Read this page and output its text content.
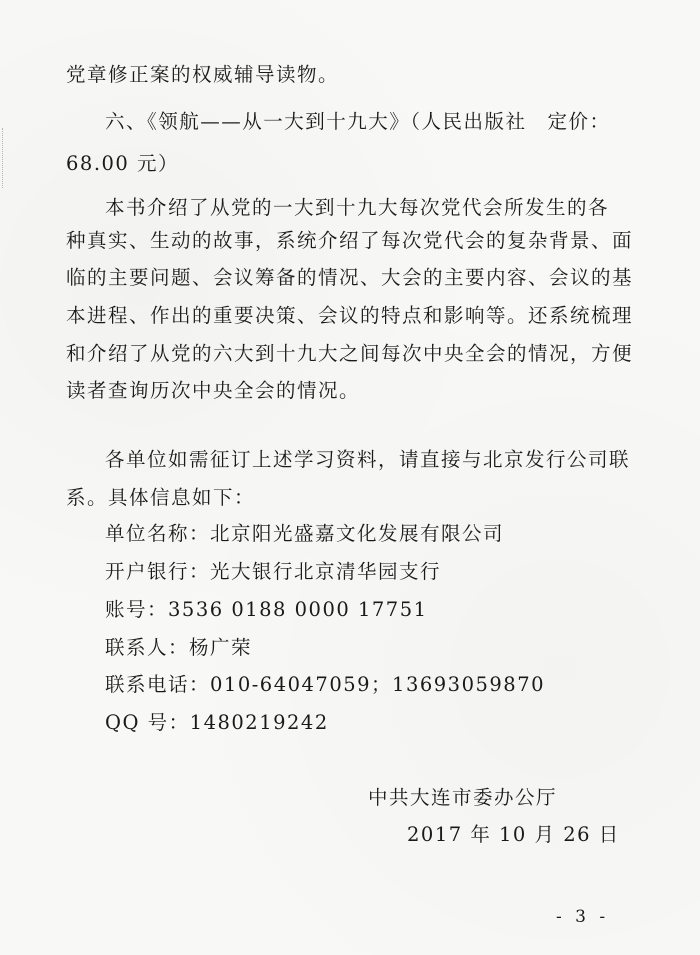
党章修正案的权威辅导读物。
六、《领航——从一大到十九大》（人民出版社　定价：
68.00 元）
本书介绍了从党的一大到十九大每次党代会所发生的各
种真实、生动的故事，系统介绍了每次党代会的复杂背景、面
临的主要问题、会议筹备的情况、大会的主要内容、会议的基
本进程、作出的重要决策、会议的特点和影响等。还系统梳理
和介绍了从党的六大到十九大之间每次中央全会的情况，方便
读者查询历次中央全会的情况。
各单位如需征订上述学习资料，请直接与北京发行公司联
系。具体信息如下：
单位名称：北京阳光盛嘉文化发展有限公司
开户银行：光大银行北京清华园支行
账号：3536 0188 0000 17751
联系人：杨广荣
联系电话：010-64047059；13693059870
QQ 号：1480219242
中共大连市委办公厅
2017 年 10 月 26 日
- 3 -
